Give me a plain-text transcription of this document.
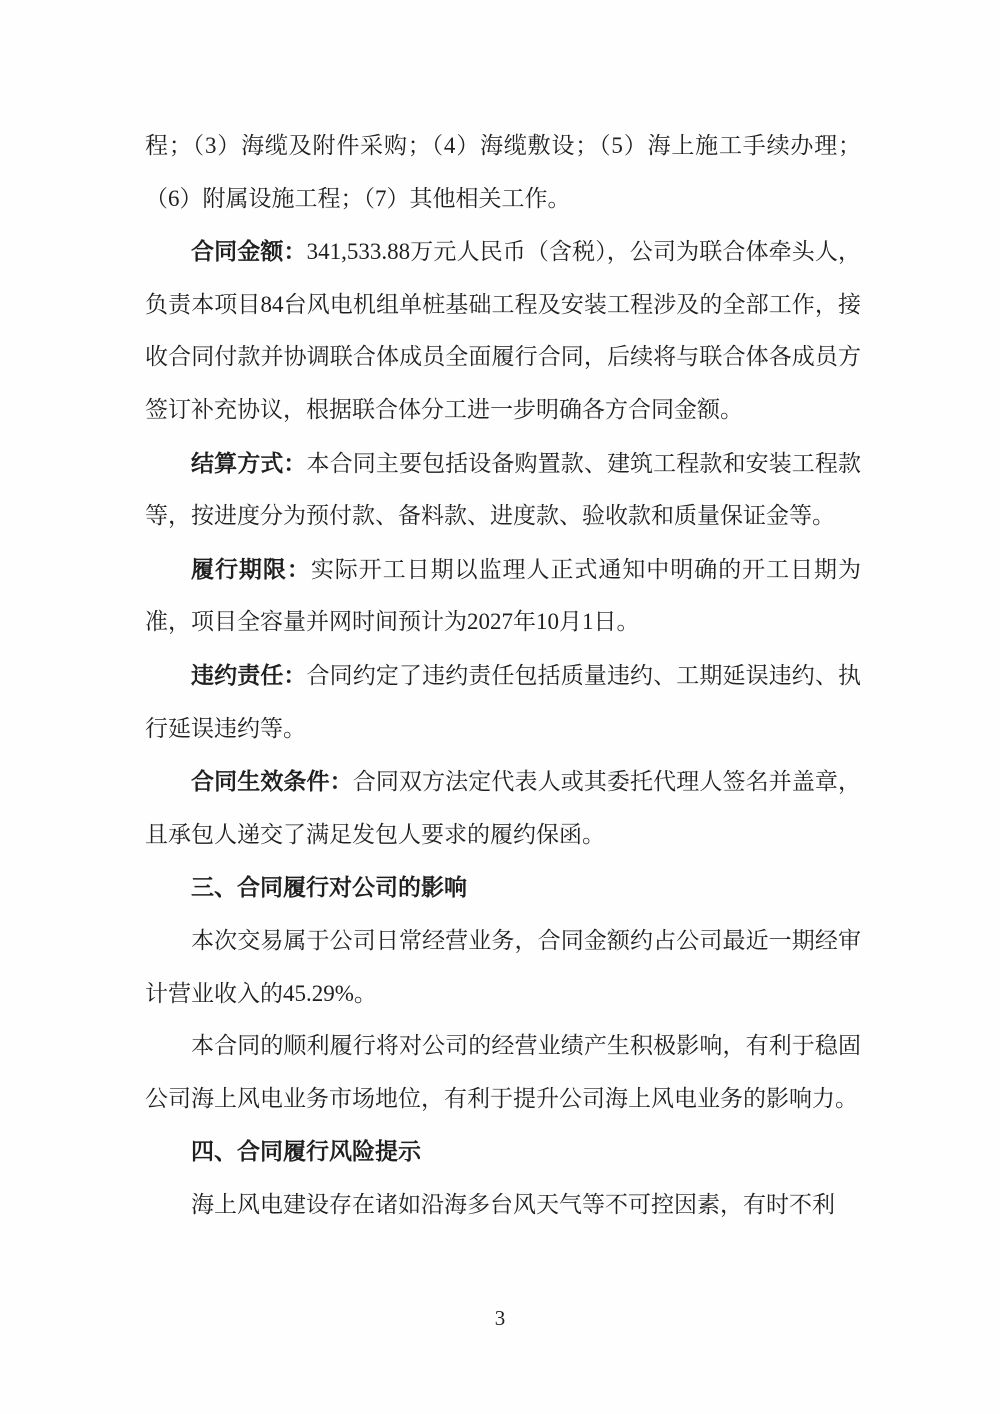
程；（3）海缆及附件采购；（4）海缆敷设；（5）海上施工手续办理；（6）附属设施工程；（7）其他相关工作。

合同金额：341,533.88万元人民币（含税），公司为联合体牵头人，负责本项目84台风电机组单桩基础工程及安装工程涉及的全部工作，接收合同付款并协调联合体成员全面履行合同，后续将与联合体各成员方签订补充协议，根据联合体分工进一步明确各方合同金额。

结算方式：本合同主要包括设备购置款、建筑工程款和安装工程款等，按进度分为预付款、备料款、进度款、验收款和质量保证金等。

履行期限：实际开工日期以监理人正式通知中明确的开工日期为准，项目全容量并网时间预计为2027年10月1日。

违约责任：合同约定了违约责任包括质量违约、工期延误违约、执行延误违约等。

合同生效条件：合同双方法定代表人或其委托代理人签名并盖章，且承包人递交了满足发包人要求的履约保函。

三、合同履行对公司的影响

本次交易属于公司日常经营业务，合同金额约占公司最近一期经审计营业收入的45.29%。

本合同的顺利履行将对公司的经营业绩产生积极影响，有利于稳固公司海上风电业务市场地位，有利于提升公司海上风电业务的影响力。

四、合同履行风险提示

海上风电建设存在诸如沿海多台风天气等不可控因素，有时不利

3
